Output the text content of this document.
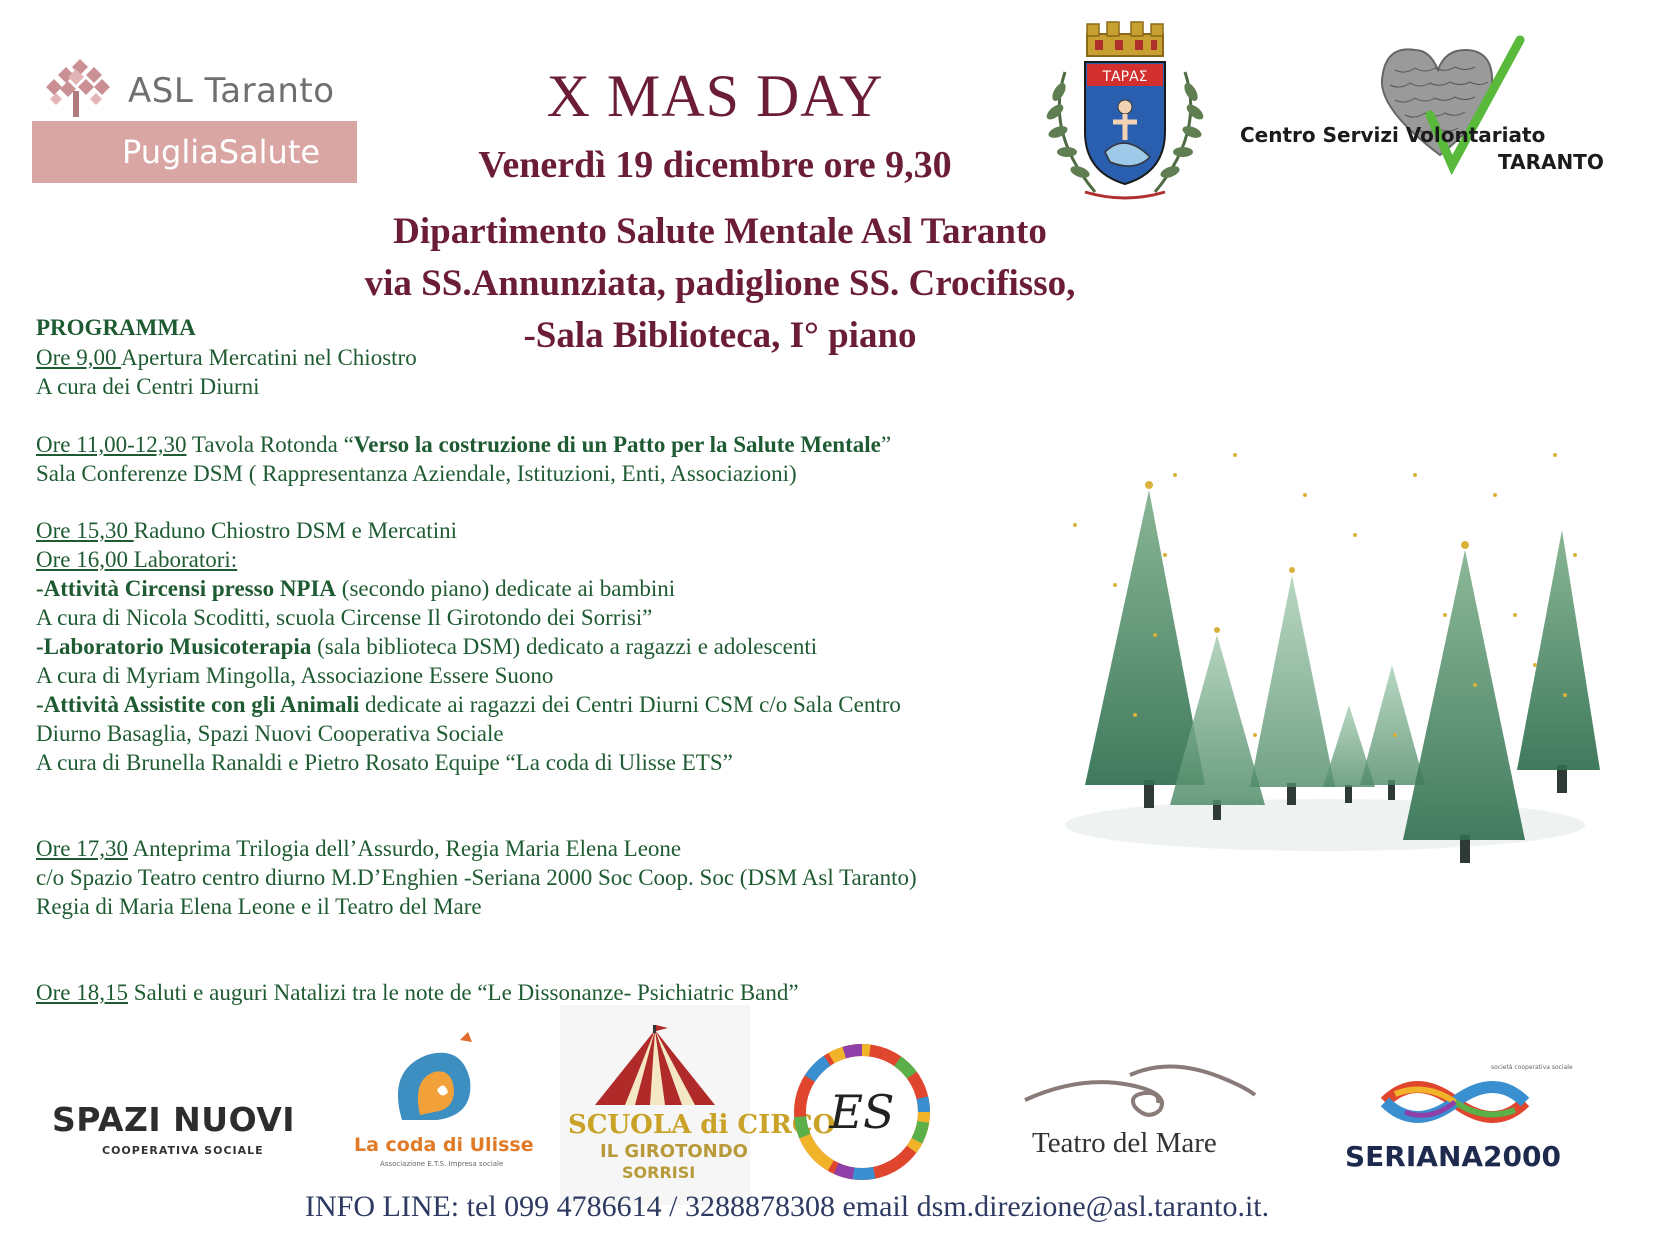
ASL Taranto
PugliaSalute
X MAS DAY
Venerdì 19 dicembre ore 9,30
ΤΑΡΑΣ
Centro Servizi Volontariato
TARANTO
Dipartimento Salute Mentale Asl Taranto
via SS.Annunziata, padiglione SS. Crocifisso,
-Sala Biblioteca, I° piano
PROGRAMMA
Ore 9,00 Apertura Mercatini nel Chiostro
A cura dei Centri Diurni
Ore 11,00-12,30 Tavola Rotonda “Verso la costruzione di un Patto per la Salute Mentale”
Sala Conferenze DSM ( Rappresentanza Aziendale, Istituzioni, Enti, Associazioni)
Ore 15,30 Raduno Chiostro DSM e Mercatini
Ore 16,00 Laboratori:
-Attività Circensi presso NPIA (secondo piano) dedicate ai bambini
A cura di Nicola Scoditti, scuola Circense Il Girotondo dei Sorrisi”
-Laboratorio Musicoterapia (sala biblioteca DSM) dedicato a ragazzi e adolescenti
A cura di Myriam Mingolla, Associazione Essere Suono
-Attività Assistite con gli Animali dedicate ai ragazzi dei Centri Diurni CSM c/o Sala Centro
Diurno Basaglia, Spazi Nuovi Cooperativa Sociale
A cura di Brunella Ranaldi e Pietro Rosato Equipe “La coda di Ulisse ETS”
Ore 17,30 Anteprima Trilogia dell’Assurdo, Regia Maria Elena Leone
c/o Spazio Teatro centro diurno M.D’Enghien -Seriana 2000 Soc Coop. Soc (DSM Asl Taranto)
Regia di Maria Elena Leone e il Teatro del Mare
Ore 18,15 Saluti e auguri Natalizi tra le note de “Le Dissonanze- Psichiatric Band”
SPAZI NUOVI
COOPERATIVA SOCIALE	La coda di Ulisse
Associazione E.T.S. Impresa sociale
SCUOLA di CIRCO
IL GIROTONDO
SORRISI
ES
Teatro del Mare
società cooperativa sociale
SERIANA2000
INFO LINE: tel 099 4786614 / 3288878308 email dsm.direzione@asl.taranto.it.
